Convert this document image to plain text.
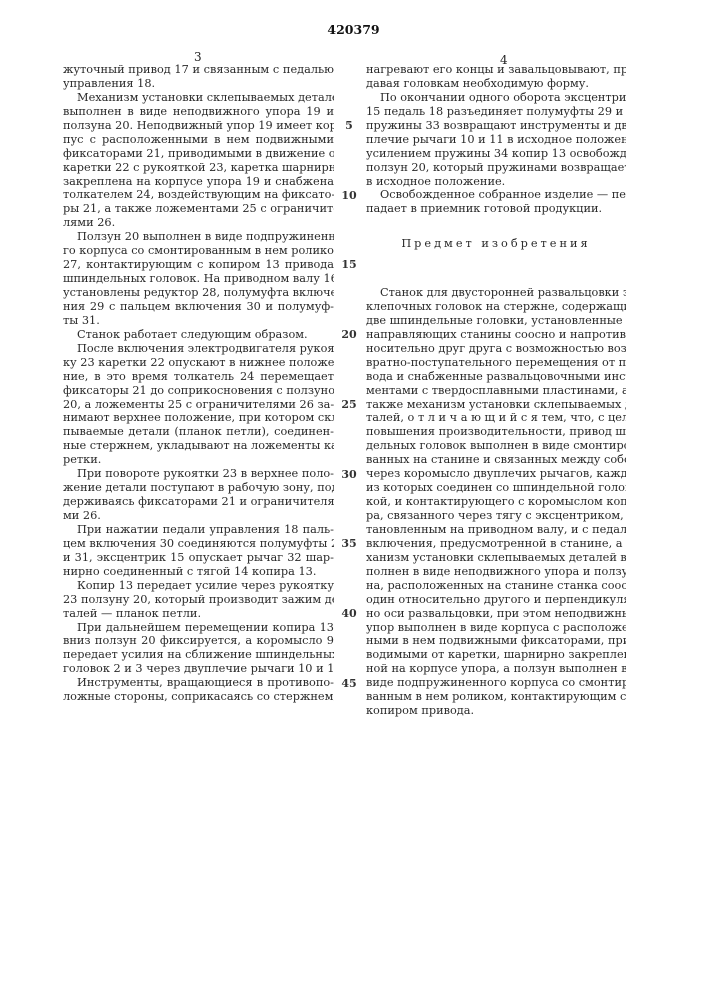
420379
3	4
жуточный привод 17 и связанным с педалью
управления 18.
Механизм установки склепываемых деталей
выполнен в виде неподвижного упора 19 и
ползуна 20. Неподвижный упор 19 имеет кор-
пус с расположенными в нем подвижными
фиксаторами 21, приводимыми в движение от
каретки 22 с рукояткой 23, каретка шарнирно
закреплена на корпусе упора 19 и снабжена
толкателем 24, воздействующим на фиксато-
ры 21, а также ложементами 25 с ограничите-
лями 26.
Ползун 20 выполнен в виде подпружиненно-
го корпуса со смонтированным в нем роликом
27, контактирующим с копиром 13 привода
шпиндельных головок. На приводном валу 16
установлены редуктор 28, полумуфта включе-
ния 29 с пальцем включения 30 и полумуф-
ты 31.
Станок работает следующим образом.
После включения электродвигателя рукоят-
ку 23 каретки 22 опускают в нижнее положе-
ние, в это время толкатель 24 перемещает
фиксаторы 21 до соприкосновения с ползуном
20, а ложементы 25 с ограничителями 26 за-
нимают верхнее положение, при котором скле-
пываемые детали (планок петли), соединен-
ные стержнем, укладывают на ложементы ка-
ретки.
При повороте рукоятки 23 в верхнее поло-
жение детали поступают в рабочую зону, под-
держиваясь фиксаторами 21 и ограничителя-
ми 26.
При нажатии педали управления 18 паль-
цем включения 30 соединяются полумуфты 29
и 31, эксцентрик 15 опускает рычаг 32 шар-
нирно соединенный с тягой 14 копира 13.
Копир 13 передает усилие через рукоятку
23 ползуну 20, который производит зажим де-
талей — планок петли.
При дальнейшем перемещении копира 13
вниз ползун 20 фиксируется, а коромысло 9
передает усилия на сближение шпиндельных
головок 2 и 3 через двуплечие рычаги 10 и 11.
Инструменты, вращающиеся в противопо-
ложные стороны, соприкасаясь со стержнем,
нагревают его концы и завальцовывают, при-
давая головкам необходимую форму.
По окончании одного оборота эксцентрика
15 педаль 18 разъединяет полумуфты 29 и 31,
пружины 33 возвращают инструменты и дву-
плечие рычаги 10 и 11 в исходное положение,
усилением пружины 34 копир 13 освобождает
ползун 20, который пружинами возвращается
в исходное положение.
Освобожденное собранное изделие — петля
падает в приемник готовой продукции.
Предмет изобретения
Станок для двусторонней развальцовки за-
клепочных головок на стержне, содержащий
две шпиндельные головки, установленные в
направляющих станины соосно и напротив от-
носительно друг друга с возможностью воз-
вратно-поступательного перемещения от при-
вода и снабженные развальцовочными инстру-
ментами с твердосплавными пластинами, а
также механизм установки склепываемых де-
талей, о т л и ч а ю щ и й с я тем, что, с целью
повышения производительности, привод шпин-
дельных головок выполнен в виде смонтиро-
ванных на станине и связанных между собой
через коромысло двуплечих рычагов, каждый
из которых соединен со шпиндельной голов-
кой, и контактирующего с коромыслом копи-
ра, связанного через тягу с эксцентриком, ус-
тановленным на приводном валу, и с педалью
включения, предусмотренной в станине, а ме-
ханизм установки склепываемых деталей вы-
полнен в виде неподвижного упора и ползу-
на, расположенных на станине станка соосно
один относительно другого и перпендикуляр-
но оси развальцовки, при этом неподвижный
упор выполнен в виде корпуса с расположен-
ными в нем подвижными фиксаторами, при-
водимыми от каретки, шарнирно закреплен-
ной на корпусе упора, а ползун выполнен в
виде подпружиненного корпуса со смонтиро-
ванным в нем роликом, контактирующим с
копиром привода.
5
10
15
20
25
30
35
40
45
